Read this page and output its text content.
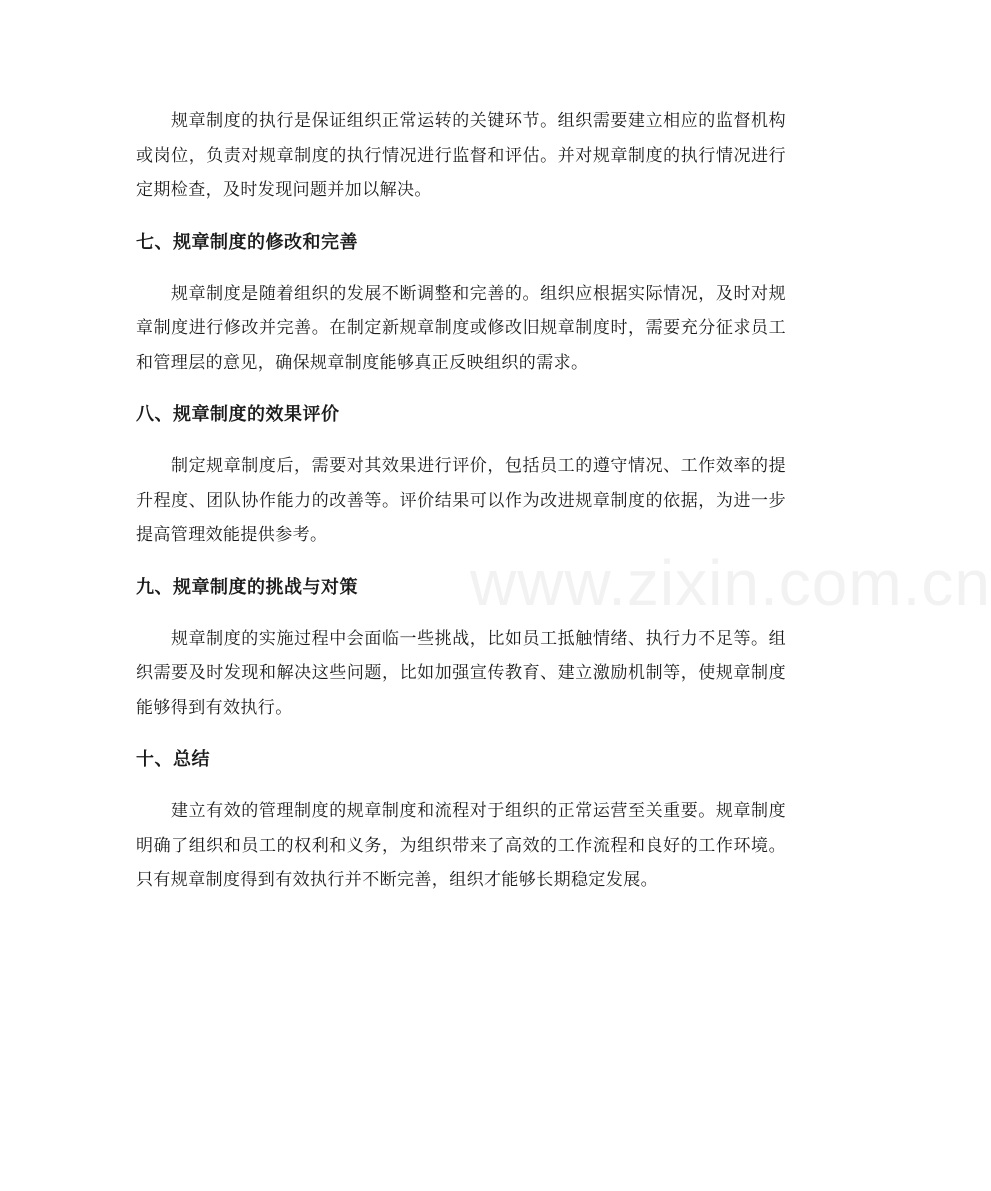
规章制度的执行是保证组织正常运转的关键环节。组织需要建立相应的监督机构或岗位，负责对规章制度的执行情况进行监督和评估。并对规章制度的执行情况进行定期检查，及时发现问题并加以解决。

七、规章制度的修改和完善

规章制度是随着组织的发展不断调整和完善的。组织应根据实际情况，及时对规章制度进行修改并完善。在制定新规章制度或修改旧规章制度时，需要充分征求员工和管理层的意见，确保规章制度能够真正反映组织的需求。

八、规章制度的效果评价

制定规章制度后，需要对其效果进行评价，包括员工的遵守情况、工作效率的提升程度、团队协作能力的改善等。评价结果可以作为改进规章制度的依据，为进一步提高管理效能提供参考。

九、规章制度的挑战与对策

规章制度的实施过程中会面临一些挑战，比如员工抵触情绪、执行力不足等。组织需要及时发现和解决这些问题，比如加强宣传教育、建立激励机制等，使规章制度能够得到有效执行。

十、总结

建立有效的管理制度的规章制度和流程对于组织的正常运营至关重要。规章制度明确了组织和员工的权利和义务，为组织带来了高效的工作流程和良好的工作环境。只有规章制度得到有效执行并不断完善，组织才能够长期稳定发展。

www.zixin.com.cn
